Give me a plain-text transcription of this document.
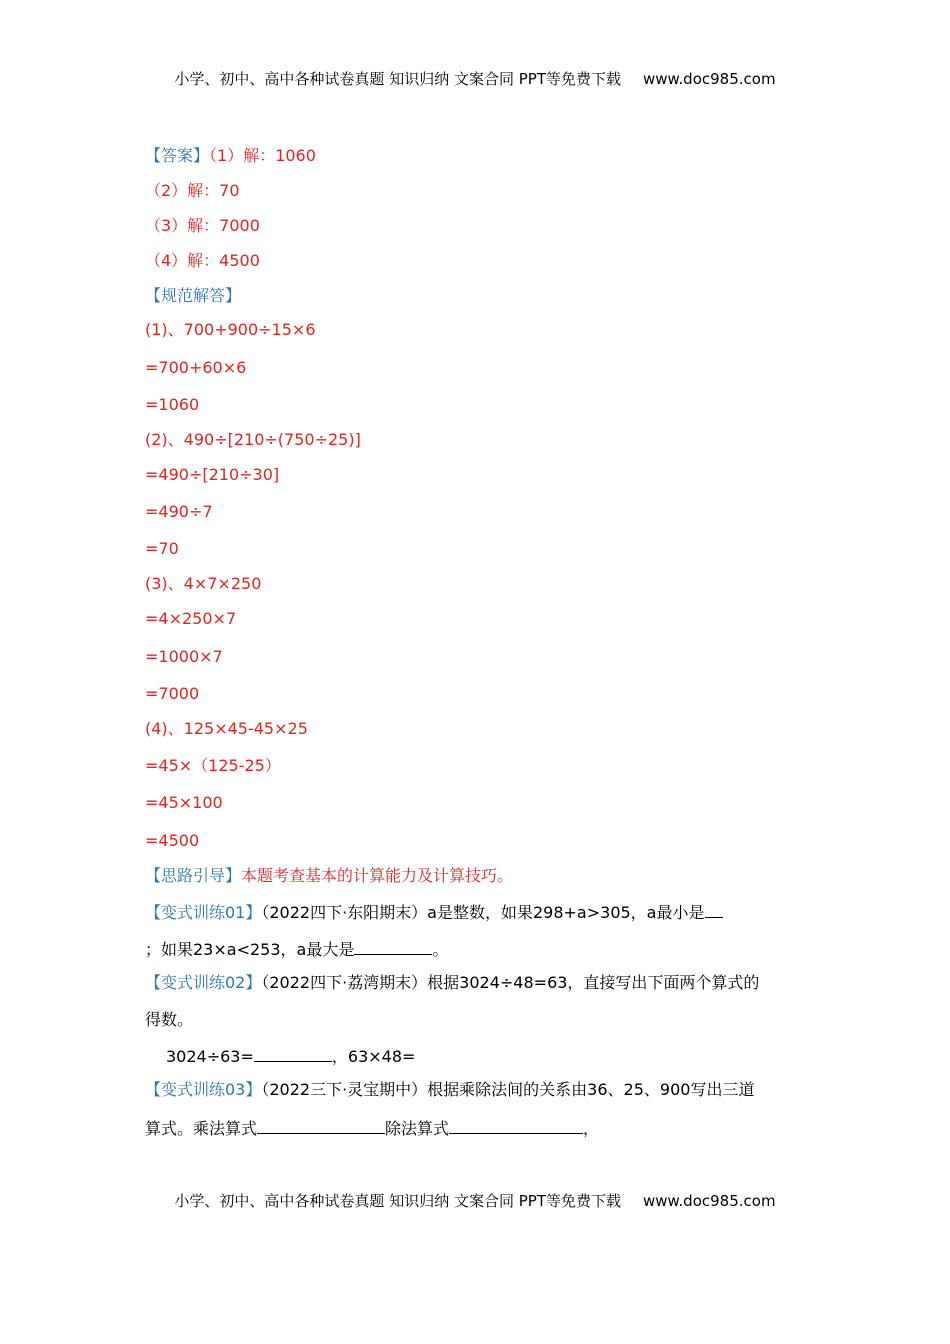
小学、初中、高中各种试卷真题 知识归纳 文案合同 PPT等免费下载 www.doc985.com
【答案】（1）解：1060
（2）解：70
（3）解：7000
（4）解：4500
【规范解答】
(1)、700+900÷15×6
=700+60×6
=1060
(2)、490÷[210÷(750÷25)]
=490÷[210÷30]
=490÷7
=70
(3)、4×7×250
=4×250×7
=1000×7
=7000
(4)、125×45-45×25
=45×（125-25）
=45×100
=4500
【思路引导】本题考查基本的计算能力及计算技巧。
【变式训练01】（2022四下·东阳期末）a是整数，如果298+a>305，a最小是
；如果23×a<253，a最大是	。
【变式训练02】（2022四下·荔湾期末）根据3024÷48=63，直接写出下面两个算式的
得数。
3024÷63=	，63×48=
【变式训练03】（2022三下·灵宝期中）根据乘除法间的关系由36、25、900写出三道
算式。乘法算式	除法算式	，
小学、初中、高中各种试卷真题 知识归纳 文案合同 PPT等免费下载 www.doc985.com
